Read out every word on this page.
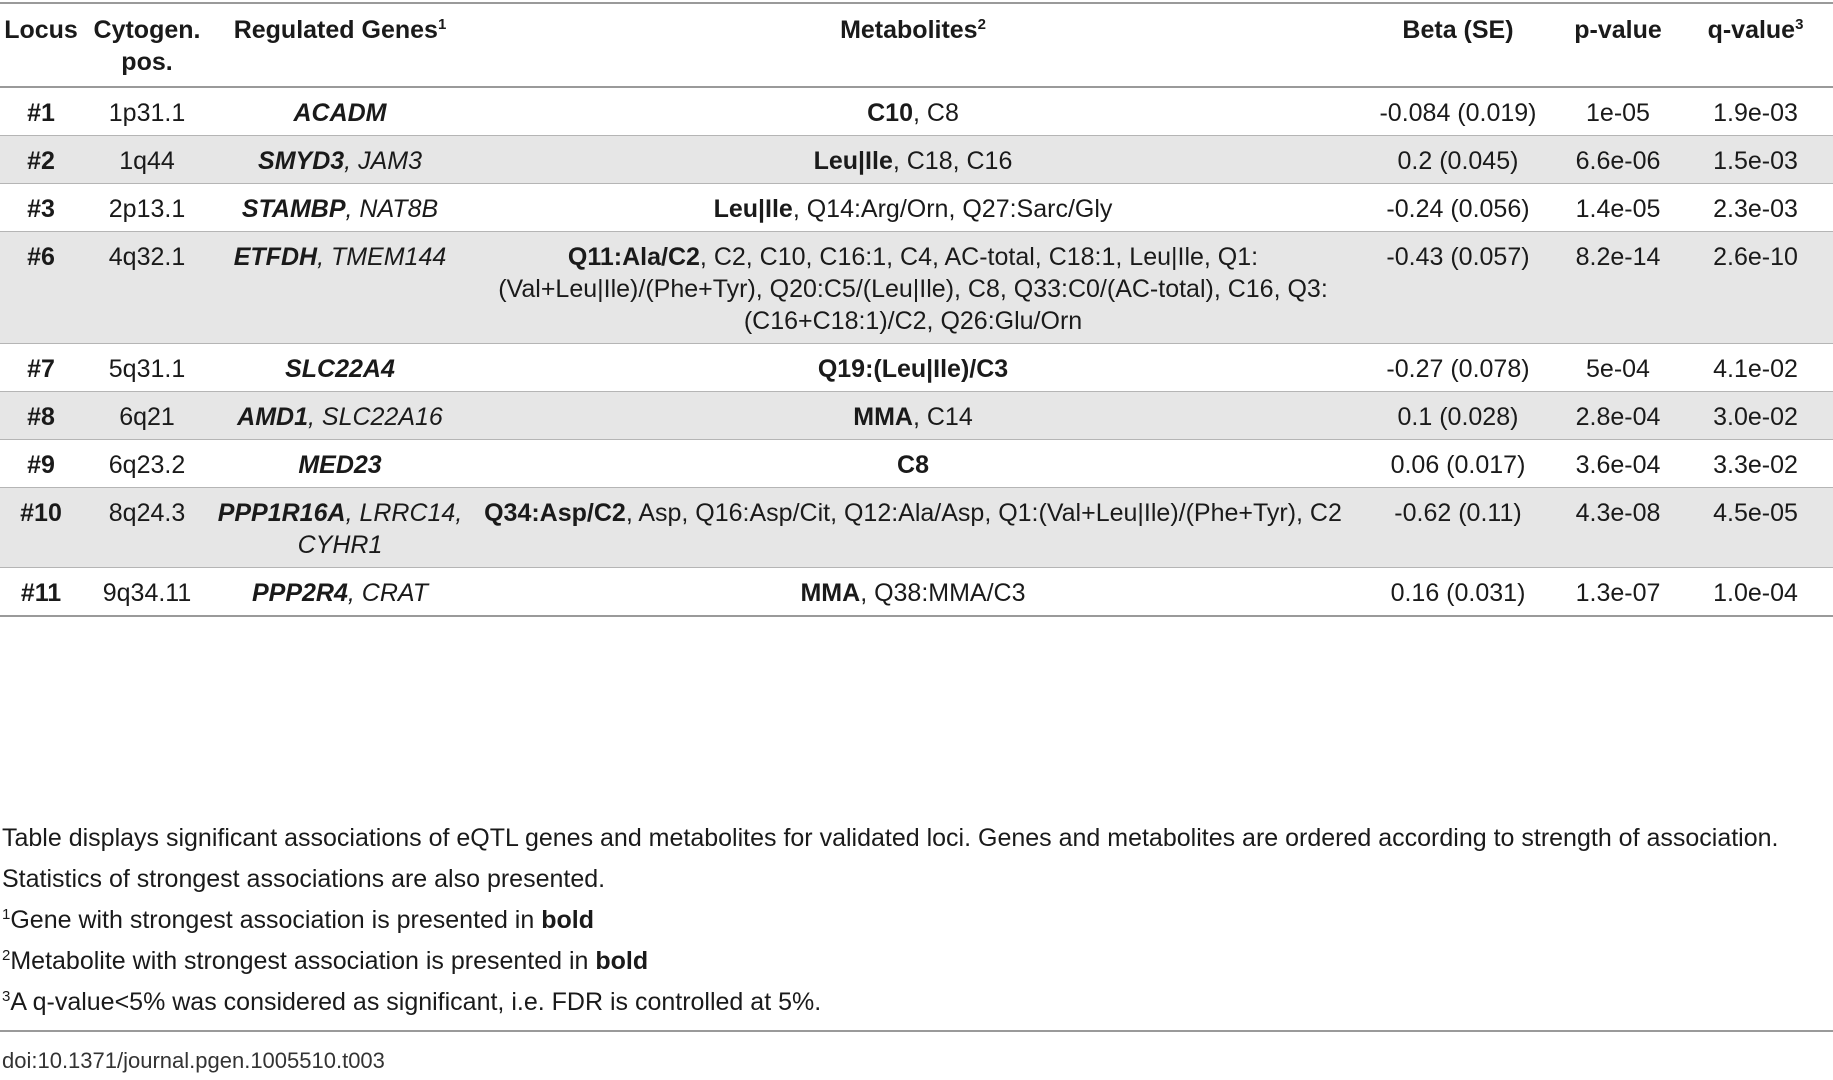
Locus	Cytogen. pos.	Regulated Genes$^1$	Metabolites$^2$	Beta (SE)	p-value	q-value$^3$
#1	1p31.1	ACADM	C10, C8	-0.084 (0.019)	1e-05	1.9e-03
#2	1q44	SMYD3, JAM3	Leu|Ile, C18, C16	0.2 (0.045)	6.6e-06	1.5e-03
#3	2p13.1	STAMBP, NAT8B	Leu|Ile, Q14:Arg/Orn, Q27:Sarc/Gly	-0.24 (0.056)	1.4e-05	2.3e-03
#6	4q32.1	ETFDH, TMEM144	Q11:Ala/C2, C2, C10, C16:1, C4, AC-total, C18:1, Leu|Ile, Q1:(Val+Leu|Ile)/(Phe+Tyr), Q20:C5/(Leu|Ile), C8, Q33:C0/(AC-total), C16, Q3:(C16+C18:1)/C2, Q26:Glu/Orn	-0.43 (0.057)	8.2e-14	2.6e-10
#7	5q31.1	SLC22A4	Q19:(Leu|Ile)/C3	-0.27 (0.078)	5e-04	4.1e-02
#8	6q21	AMD1, SLC22A16	MMA, C14	0.1 (0.028)	2.8e-04	3.0e-02
#9	6q23.2	MED23	C8	0.06 (0.017)	3.6e-04	3.3e-02
#10	8q24.3	PPP1R16A, LRRC14, CYHR1	Q34:Asp/C2, Asp, Q16:Asp/Cit, Q12:Ala/Asp, Q1:(Val+Leu|Ile)/(Phe+Tyr), C2	-0.62 (0.11)	4.3e-08	4.5e-05
#11	9q34.11	PPP2R4, CRAT	MMA, Q38:MMA/C3	0.16 (0.031)	1.3e-07	1.0e-04

Table displays significant associations of eQTL genes and metabolites for validated loci. Genes and metabolites are ordered according to strength of association. Statistics of strongest associations are also presented.

$^1$Gene with strongest association is presented in bold

$^2$Metabolite with strongest association is presented in bold

$^3$A q-value<5% was considered as significant, i.e. FDR is controlled at 5%.

doi:10.1371/journal.pgen.1005510.t003
